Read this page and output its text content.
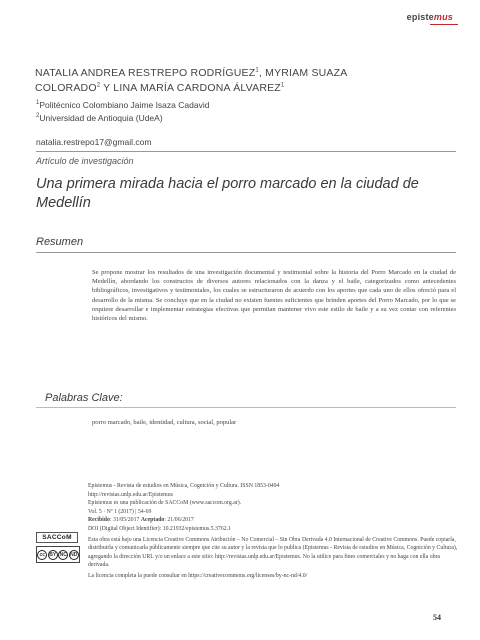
epistemus
NATALIA ANDREA RESTREPO RODRÍGUEZ$^1$, MYRIAM SUAZA
COLORADO$^2$ Y LINA MARÍA CARDONA ÁLVAREZ$^1$
$^1$Politécnico Colombiano Jaime Isaza Cadavid
$^2$Universidad de Antioquia (UdeA)
natalia.restrepo17@gmail.com
Artículo de investigación
Una primera mirada hacia el porro marcado en la ciudad de Medellín
Resumen
Se propone mostrar los resultados de una investigación documental y testimonial sobre la historia del Porro Marcado en la ciudad de Medellín, abordando los constructos de diversos autores relacionados con la danza y el baile, categorizados como antecedentes bibliográficos, investigativos y testimoniales, los cuales se estructuraron de acuerdo con los aportes que cada uno de ellos ofreció para el desarrollo de la misma. Se concluye que en la ciudad no existen fuentes suficientes que brinden aportes del Porro Marcado, por lo que se requiere desarrollar e implementar estrategias efectivas que permitan mantener vivo este estilo de baile y a su vez contar con referentes históricos del mismo.
Palabras Clave:
porro marcado, baile, identidad, cultura, social, popular
Epistemus - Revista de estudios en Música, Cognición y Cultura. ISSN 1853-0494
http://revistas.unlp.edu.ar/Epistemus
Epistemus es una publicación de SACCoM (www.saccom.org.ar).
Vol. 5 · Nº 1 (2017) | 54-69
Recibido: 31/05/2017 Aceptado: 21/06/2017
DOI (Digital Object Identifier): 10.21932/epistemus.5.3762.1
Esta obra está bajo una Licencia Creative Commons Atribución – No Comercial – Sin Obra Derivada 4.0 Internacional de Creative Commons. Puede copiarla, distribuirla y comunicarla públicamente siempre que cite su autor y la revista que lo publica (Epistemus - Revista de estudios en Música, Cognición y Cultura), agregando la dirección URL y/o un enlace a este sitio: http://revistas.unlp.edu.ar/Epistemus. No la utilice para fines comerciales y no haga con ella obra derivada.
La licencia completa la puede consultar en https://creativecommons.org/licenses/by-nc-nd/4.0/
SACCoM
cc BY NC ND
54
